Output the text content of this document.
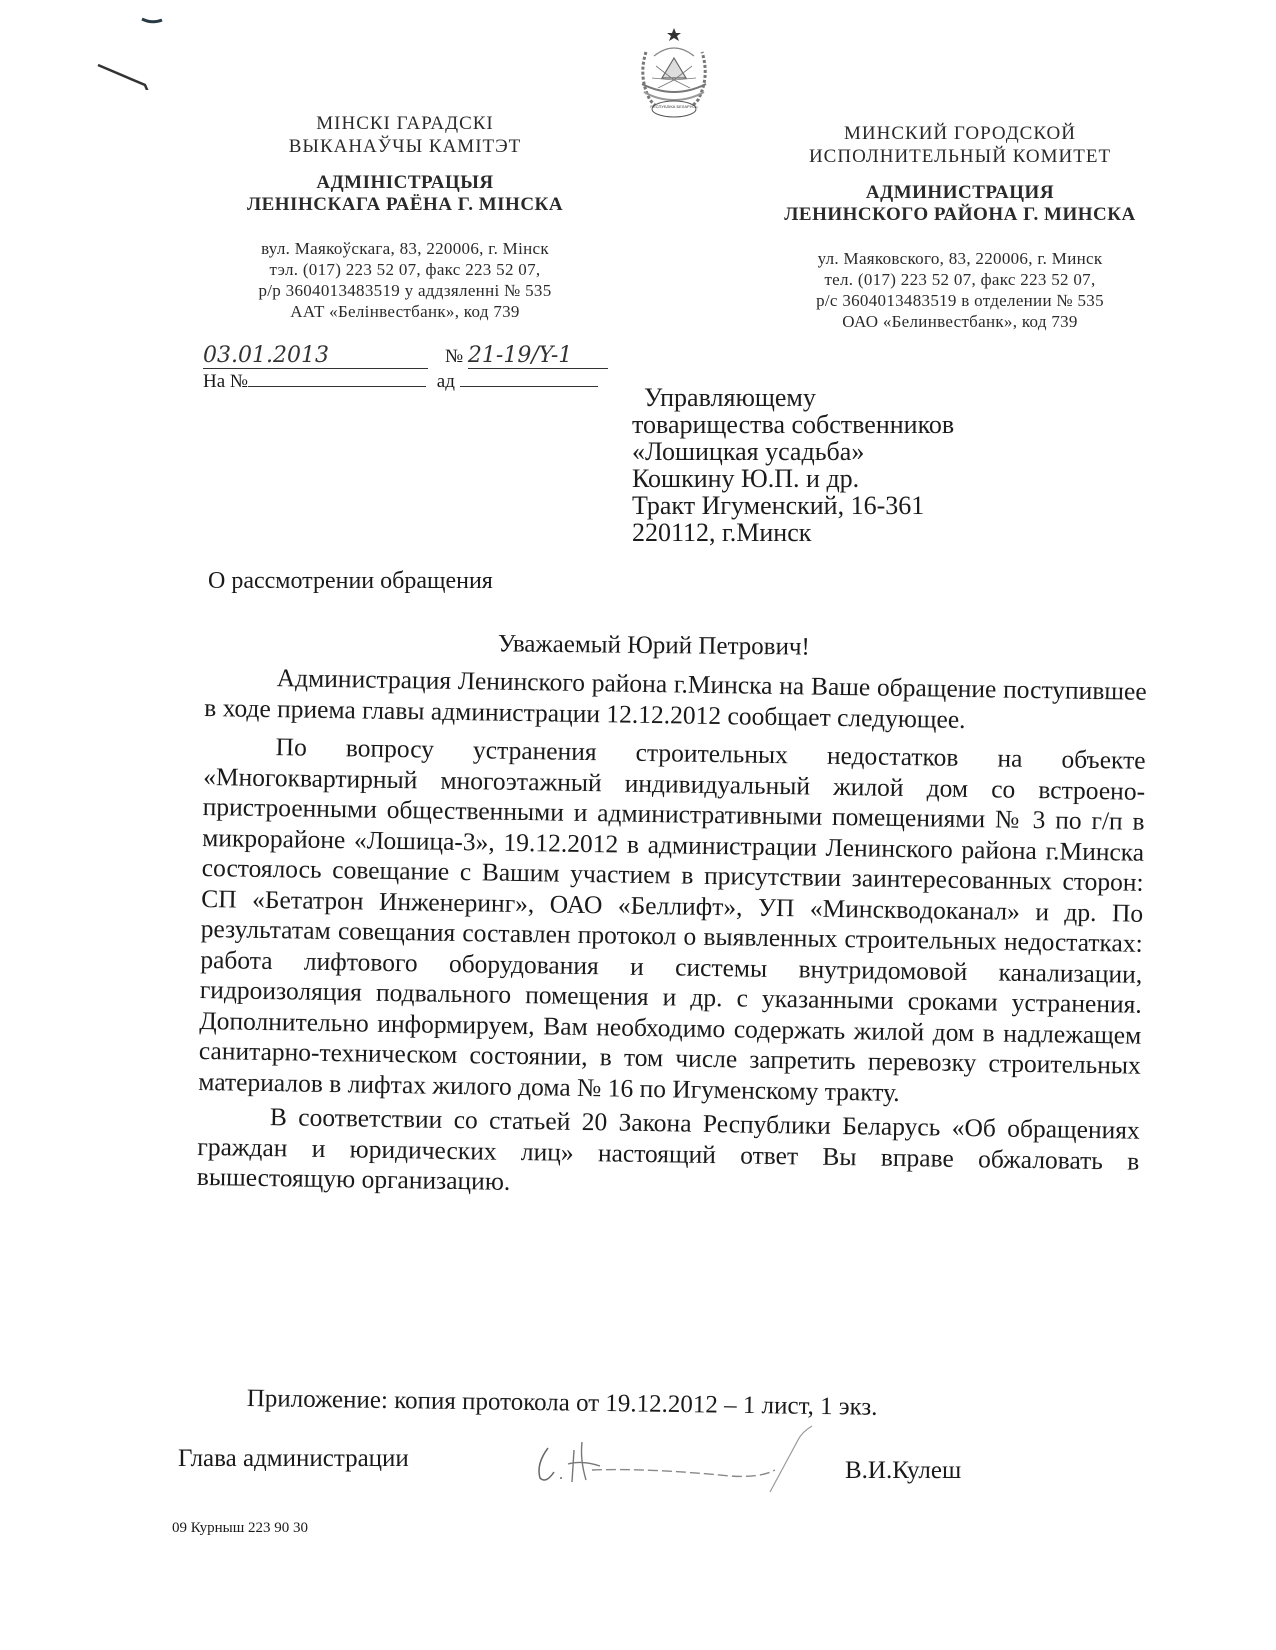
РЕСПУБЛІКА БЕЛАРУСЬ
МІНСКІ ГАРАДСКІ
ВЫКАНАЎЧЫ КАМІТЭТ
АДМІНІСТРАЦЫЯ
ЛЕНІНСКАГА РАЁНА Г. МІНСКА
вул. Маякоўскага, 83, 220006, г. Мінск
тэл. (017) 223 52 07, факс 223 52 07,
р/р 3604013483519 у аддзяленні № 535
ААТ «Белінвестбанк», код 739
МИНСКИЙ ГОРОДСКОЙ
ИСПОЛНИТЕЛЬНЫЙ КОМИТЕТ
АДМИНИСТРАЦИЯ
ЛЕНИНСКОГО РАЙОНА Г. МИНСКА
ул. Маяковского, 83, 220006, г. Минск
тел. (017) 223 52 07, факс 223 52 07,
р/с 3604013483519 в отделении № 535
ОАО «Белинвестбанк», код 739
03.01.2013	№ 21-19/Y-1
На №	ад
Управляющему
товарищества собственников
«Лошицкая усадьба»
Кошкину Ю.П. и др.
Тракт Игуменский, 16-361
220112, г.Минск
О рассмотрении обращения
Уважаемый Юрий Петрович!

Администрация Ленинского района г.Минска на Ваше обращение поступившее в ходе приема главы администрации 12.12.2012 сообщает следующее.

По вопросу устранения строительных недостатков на объекте «Многоквартирный многоэтажный индивидуальный жилой дом со встроено-пристроенными общественными и административными помещениями № 3 по г/п в микрорайоне «Лошица-3», 19.12.2012 в администрации Ленинского района г.Минска состоялось совещание с Вашим участием в присутствии заинтересованных сторон: СП «Бетатрон Инженеринг», ОАО «Беллифт», УП «Минскводоканал» и др. По результатам совещания составлен протокол о выявленных строительных недостатках: работа лифтового оборудования и системы внутридомовой канализации, гидроизоляция подвального помещения и др. с указанными сроками устранения. Дополнительно информируем, Вам необходимо содержать жилой дом в надлежащем санитарно-техническом состоянии, в том числе запретить перевозку строительных материалов в лифтах жилого дома № 16 по Игуменскому тракту.

В соответствии со статьей 20 Закона Республики Беларусь «Об обращениях граждан и юридических лиц» настоящий ответ Вы вправе обжаловать в вышестоящую организацию.

Приложение: копия протокола от 19.12.2012 – 1 лист, 1 экз.
Глава администрации	В.И.Кулеш
09 Курныш 223 90 30
